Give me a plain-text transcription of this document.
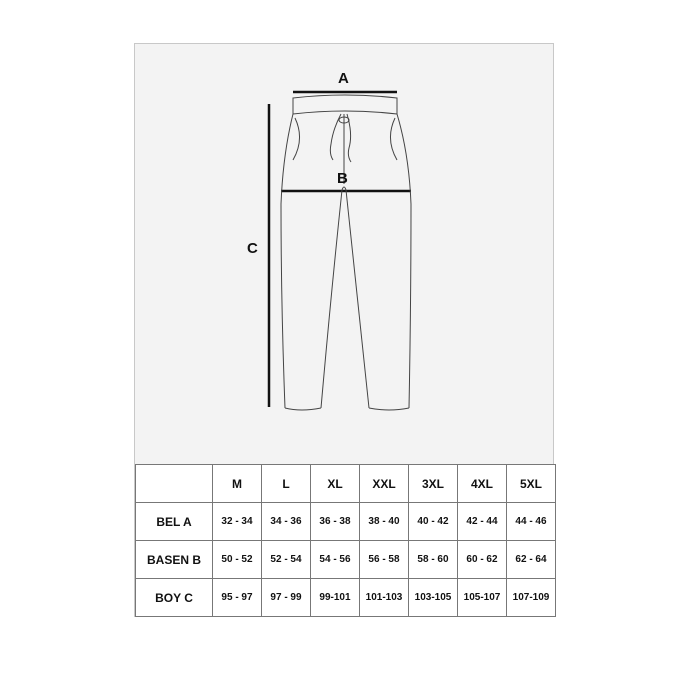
A
B
C
	M	L	XL	XXL	3XL	4XL	5XL
BEL A	32 - 34	34 - 36	36 - 38	38 - 40	40 - 42	42 - 44	44 - 46
BASEN B	50 - 52	52 - 54	54 - 56	56 - 58	58 - 60	60 - 62	62 - 64
BOY C	95 - 97	97 - 99	99-101	101-103	103-105	105-107	107-109
